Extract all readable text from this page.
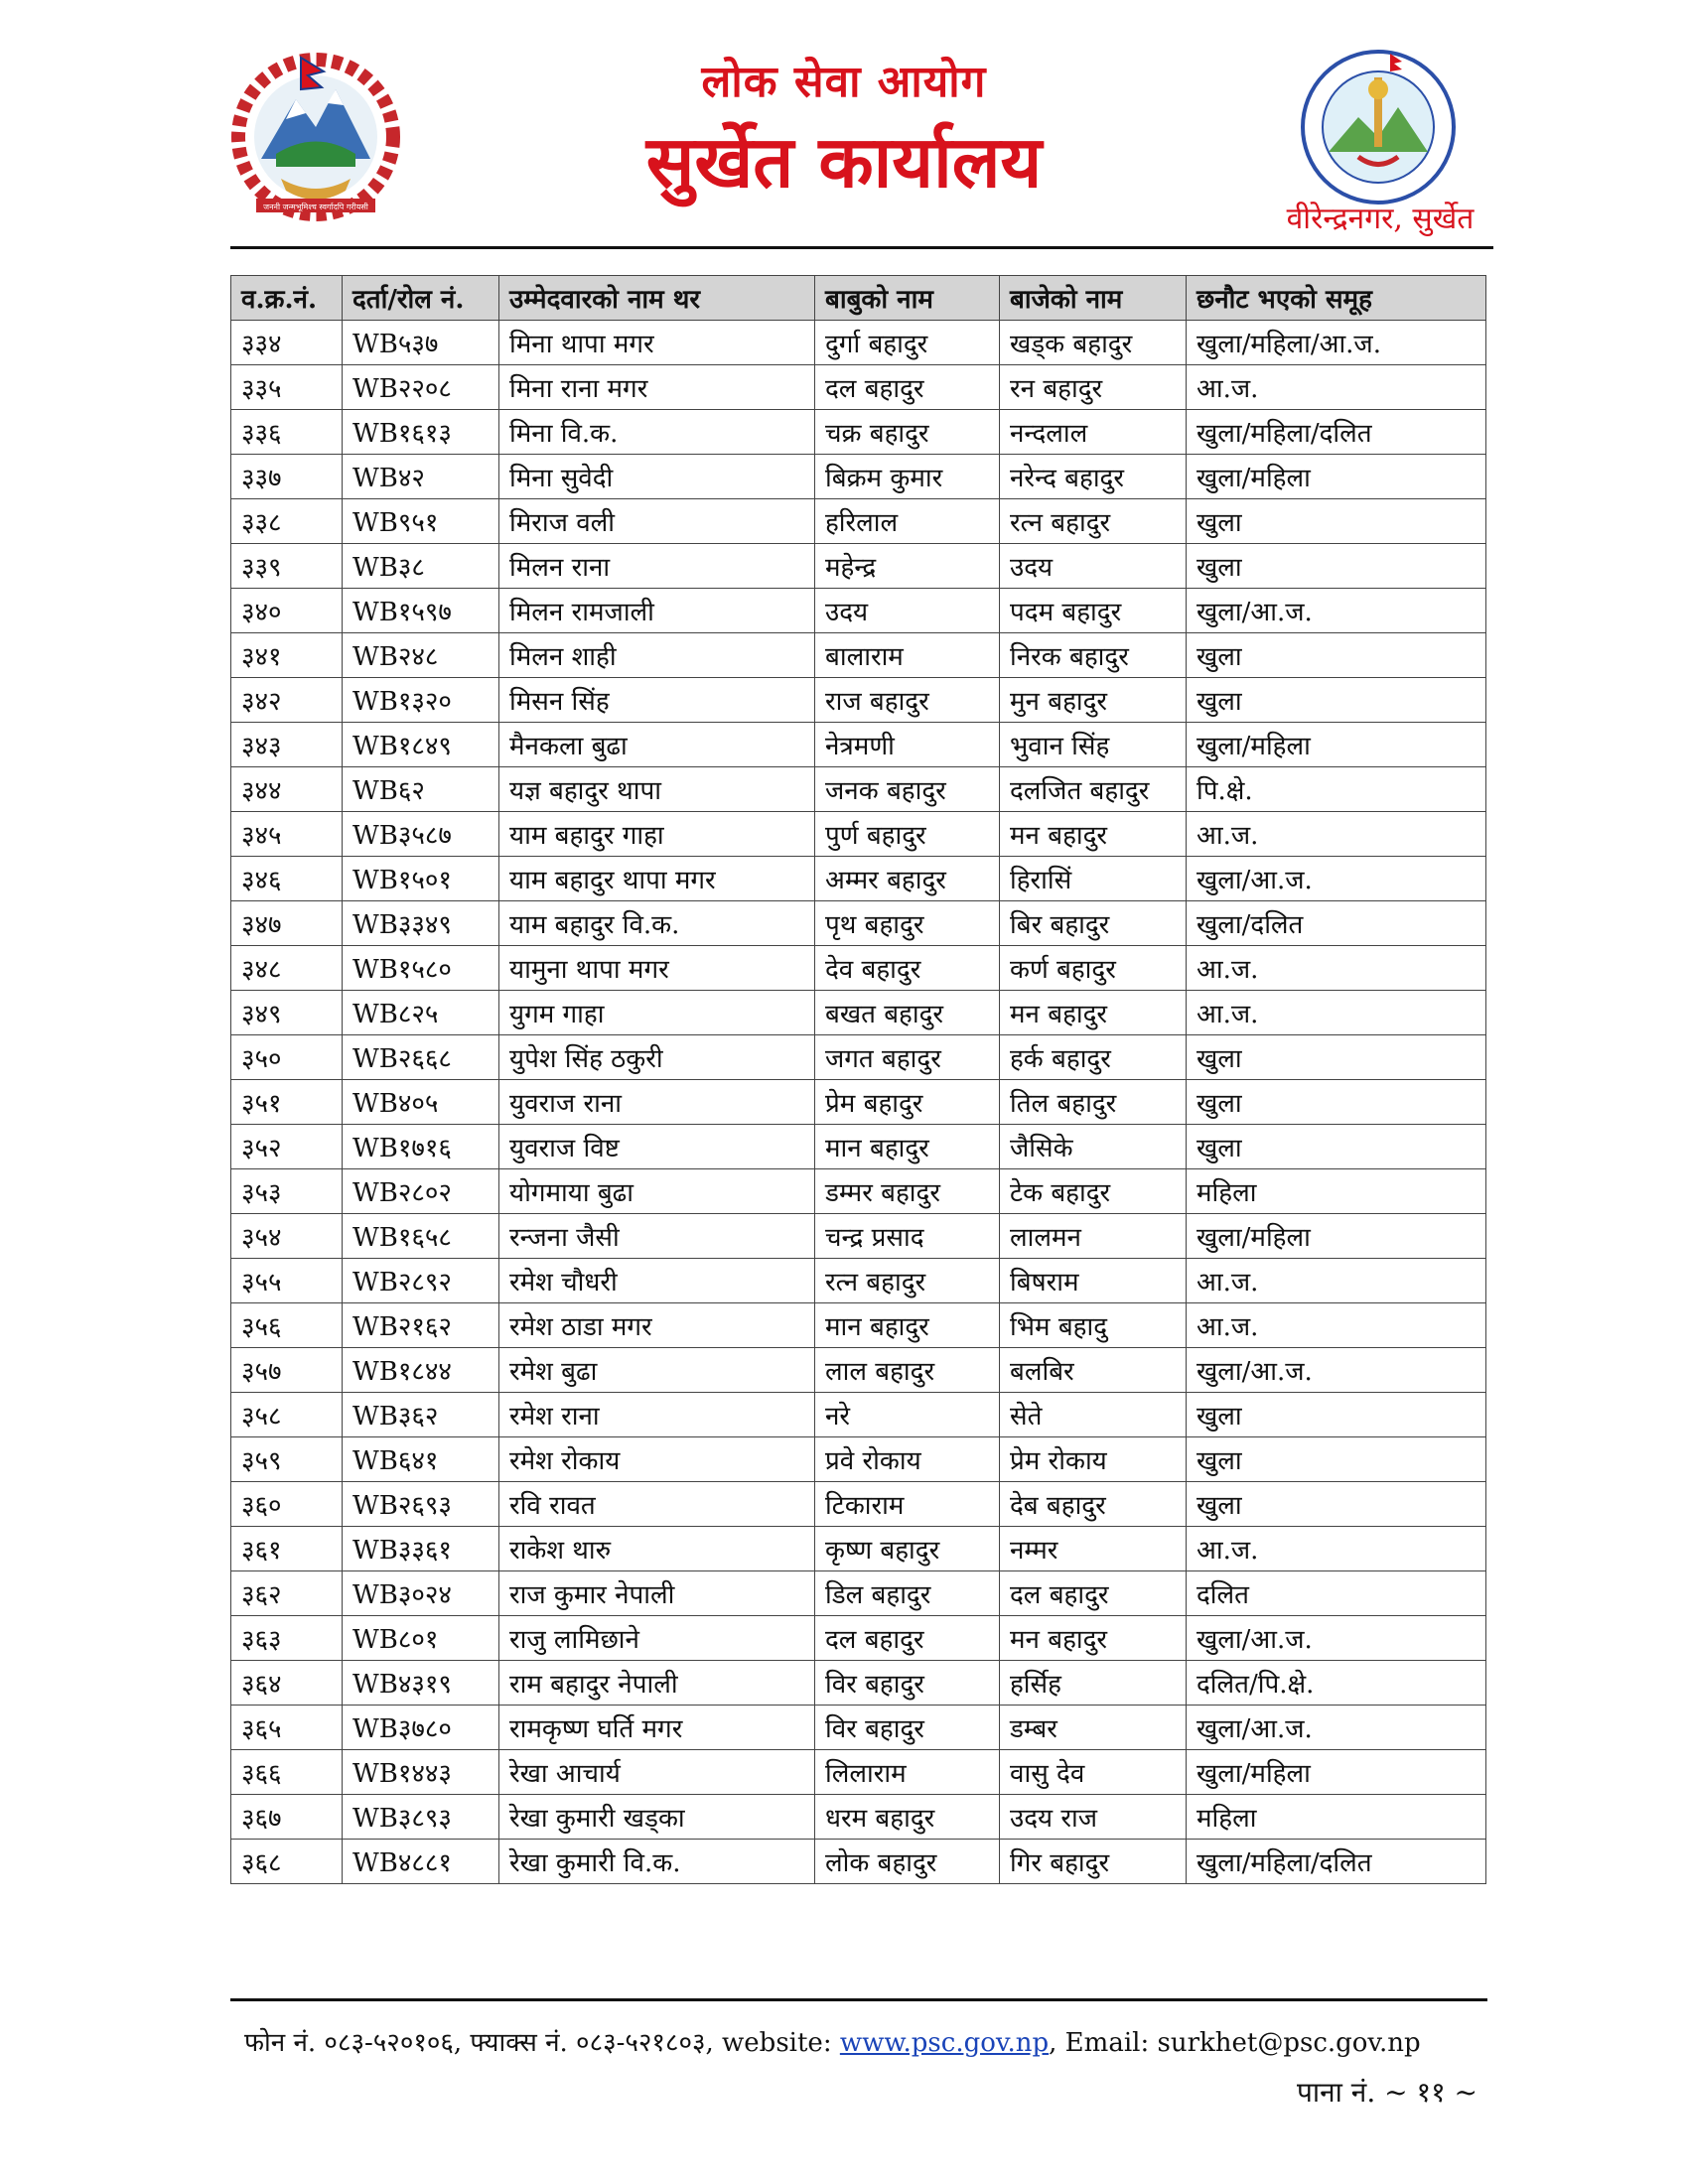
जननी जन्मभूमिश्च स्वर्गादपि गरीयसी
लोक सेवा आयोग
सुर्खेत कार्यालय
वीरेन्द्रनगर, सुर्खेत
व.क्र.नं.	दर्ता/रोल नं.	उम्मेदवारको नाम थर	बाबुको नाम	बाजेको नाम	छनौट भएको समूह
३३४	WB५३७	मिना थापा मगर	दुर्गा बहादुर	खड्क बहादुर	खुला/महिला/आ.ज.
३३५	WB२२०८	मिना राना मगर	दल बहादुर	रन बहादुर	आ.ज.
३३६	WB१६१३	मिना वि.क.	चक्र बहादुर	नन्दलाल	खुला/महिला/दलित
३३७	WB४२	मिना सुवेदी	बिक्रम कुमार	नरेन्द बहादुर	खुला/महिला
३३८	WB९५१	मिराज वली	हरिलाल	रत्न बहादुर	खुला
३३९	WB३८	मिलन राना	महेन्द्र	उदय	खुला
३४०	WB१५९७	मिलन रामजाली	उदय	पदम बहादुर	खुला/आ.ज.
३४१	WB२४८	मिलन शाही	बालाराम	निरक बहादुर	खुला
३४२	WB१३२०	मिसन सिंह	राज बहादुर	मुन बहादुर	खुला
३४३	WB१८४९	मैनकला बुढा	नेत्रमणी	भुवान सिंह	खुला/महिला
३४४	WB६२	यज्ञ बहादुर थापा	जनक बहादुर	दलजित बहादुर	पि.क्षे.
३४५	WB३५८७	याम बहादुर गाहा	पुर्ण बहादुर	मन बहादुर	आ.ज.
३४६	WB१५०१	याम बहादुर थापा मगर	अम्मर बहादुर	हिरासिं	खुला/आ.ज.
३४७	WB३३४९	याम बहादुर वि.क.	पृथ बहादुर	बिर बहादुर	खुला/दलित
३४८	WB१५८०	यामुना थापा मगर	देव बहादुर	कर्ण बहादुर	आ.ज.
३४९	WB८२५	युगम गाहा	बखत बहादुर	मन बहादुर	आ.ज.
३५०	WB२६६८	युपेश सिंह ठकुरी	जगत बहादुर	हर्क बहादुर	खुला
३५१	WB४०५	युवराज राना	प्रेम बहादुर	तिल बहादुर	खुला
३५२	WB१७१६	युवराज विष्ट	मान बहादुर	जैसिके	खुला
३५३	WB२८०२	योगमाया बुढा	डम्मर बहादुर	टेक बहादुर	महिला
३५४	WB१६५८	रन्जना जैसी	चन्द्र प्रसाद	लालमन	खुला/महिला
३५५	WB२८९२	रमेश चौधरी	रत्न बहादुर	बिषराम	आ.ज.
३५६	WB२१६२	रमेश ठाडा मगर	मान बहादुर	भिम बहादु	आ.ज.
३५७	WB१८४४	रमेश बुढा	लाल बहादुर	बलबिर	खुला/आ.ज.
३५८	WB३६२	रमेश राना	नरे	सेते	खुला
३५९	WB६४१	रमेश रोकाय	प्रवे रोकाय	प्रेम रोकाय	खुला
३६०	WB२६९३	रवि रावत	टिकाराम	देब बहादुर	खुला
३६१	WB३३६१	राकेश थारु	कृष्ण बहादुर	नम्मर	आ.ज.
३६२	WB३०२४	राज कुमार नेपाली	डिल बहादुर	दल बहादुर	दलित
३६३	WB८०१	राजु लामिछाने	दल बहादुर	मन बहादुर	खुला/आ.ज.
३६४	WB४३१९	राम बहादुर नेपाली	विर बहादुर	हर्सिह	दलित/पि.क्षे.
३६५	WB३७८०	रामकृष्ण घर्ति मगर	विर बहादुर	डम्बर	खुला/आ.ज.
३६६	WB१४४३	रेखा आचार्य	लिलाराम	वासु देव	खुला/महिला
३६७	WB३८९३	रेखा कुमारी खड्का	धरम बहादुर	उदय राज	महिला
३६८	WB४८८१	रेखा कुमारी वि.क.	लोक बहादुर	गिर बहादुर	खुला/महिला/दलित
फोन नं. ०८३-५२०१०६, फ्याक्स नं. ०८३-५२१८०३, website: www.psc.gov.np, Email: surkhet@psc.gov.np
पाना नं. ~ ११ ~
